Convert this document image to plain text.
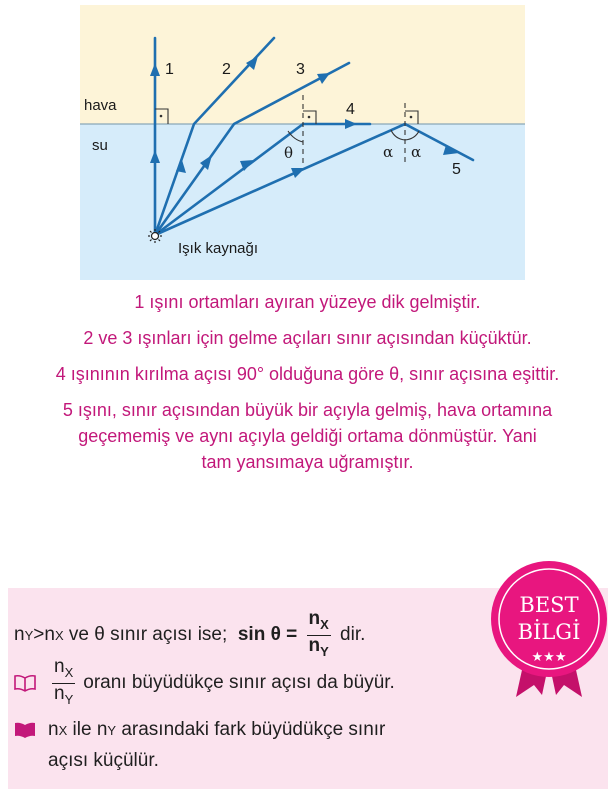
hava
su
Işık kaynağı
1	2	3
4
5
θ	α α
1 ışını ortamları ayıran yüzeye dik gelmiştir.
2 ve 3 ışınları için gelme açıları sınır açısından küçüktür.
4 ışınının kırılma açısı 90° olduğuna göre θ, sınır açısına eşittir.
5 ışını, sınır açısından büyük bir açıyla gelmiş, hava ortamına
geçememiş ve aynı açıyla geldiği ortama dönmüştür. Yani
tam yansımaya uğramıştır.
n Y > n X ve θ sınır açısı ise; $\sin \theta = \frac{n_X}{n_Y}$ dir.
$\frac{n_X}{n_Y}$ oranı büyüdükçe sınır açısı da büyür.
n X ile n Y arasındaki fark büyüdükçe sınır
açısı küçülür.
BEST
BİLGİ
★★★
